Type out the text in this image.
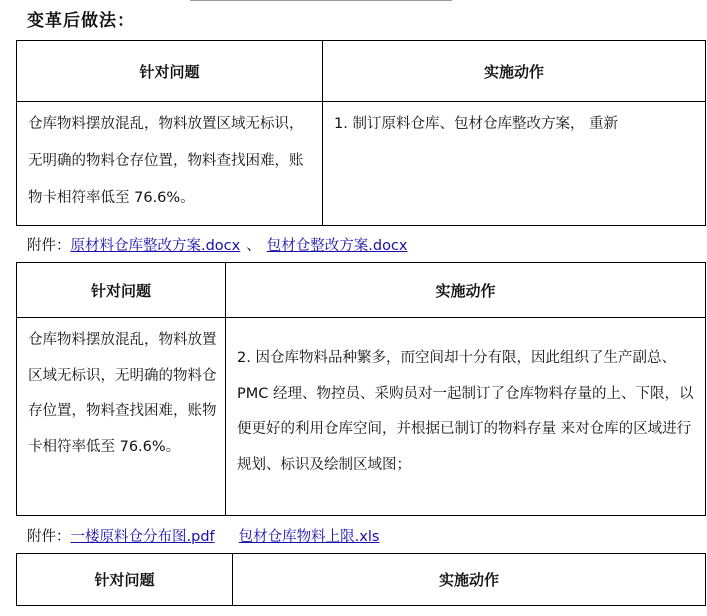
变革后做法：
针对问题	实施动作

仓库物料摆放混乱，物料放置区域无标识，无明确的物料仓存位置，物料查找困难，账物卡相符率低至 76.6%。	1. 制订原料仓库、包材仓库整改方案， 重新
附件：原材料仓库整改方案.docx 、 包材仓整改方案.docx
针对问题	实施动作

仓库物料摆放混乱，物料放置区域无标识，无明确的物料仓存位置，物料查找困难，账物卡相符率低至 76.6%。	2. 因仓库物料品种繁多，而空间却十分有限，因此组织了生产副总、PMC 经理、物控员、采购员对一起制订了仓库物料存量的上、下限，以便更好的利用仓库空间，并根据已制订的物料存量 来对仓库的区域进行规划、标识及绘制区域图；
附件：一楼原料仓分布图.pdf 包材仓库物料上限.xls
针对问题	实施动作
